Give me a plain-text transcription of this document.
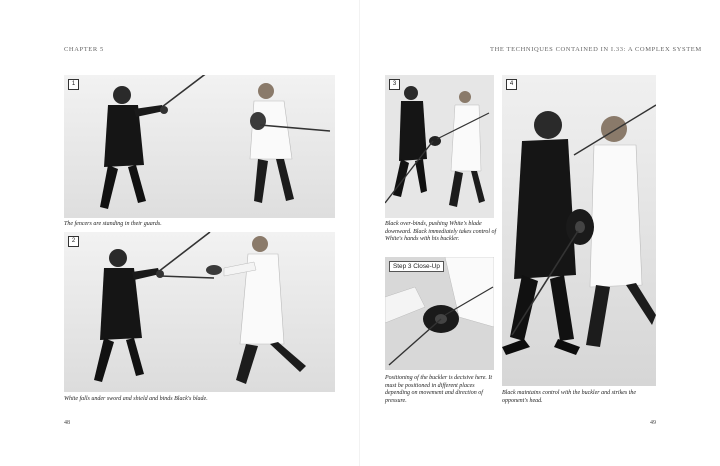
CHAPTER 5	THE TECHNIQUES CONTAINED IN I.33: A COMPLEX SYSTEM
1
The fencers are standing in their guards.
2
White falls under sword and shield and binds Black's blade.
48
3
Black over-binds, pushing White's blade downward. Black immediately takes control of White's hands with his buckler.
Step 3 Close-Up
Positioning of the buckler is decisive here. It must be positioned in different places depending on movement and direction of pressure.
4
Black maintains control with the buckler and strikes the opponent's head.
49
